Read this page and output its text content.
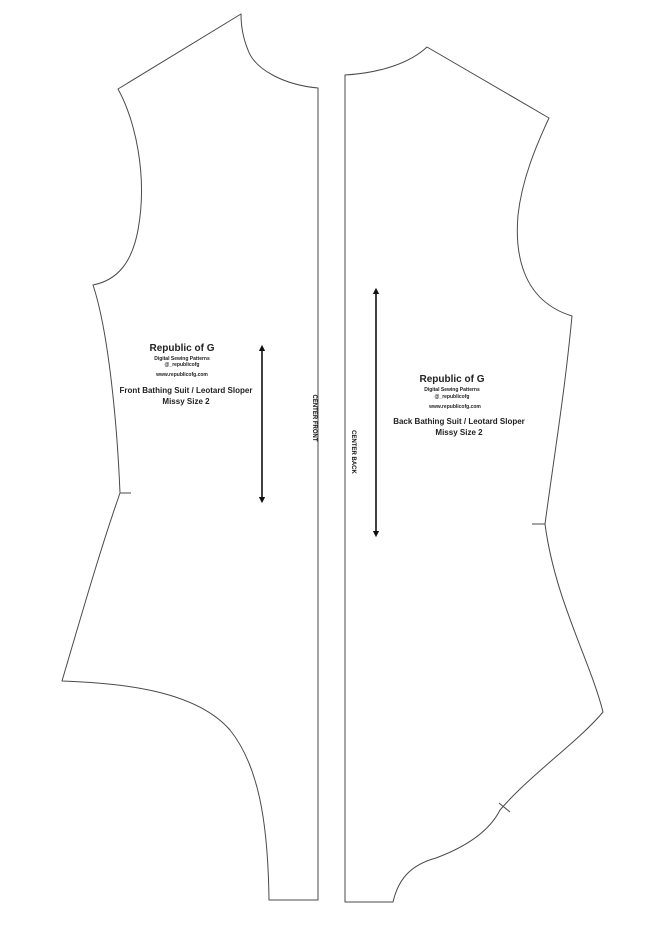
Republic of G
Digital Sewing Patterns
@_republicofg
www.republicofg.com
Front Bathing Suit / Leotard Sloper
Missy Size 2	CENTER FRONT
Republic of G
Digital Sewing Patterns
@_republicofg
www.republicofg.com
Back Bathing Suit / Leotard Sloper
Missy Size 2
CENTER BACK
